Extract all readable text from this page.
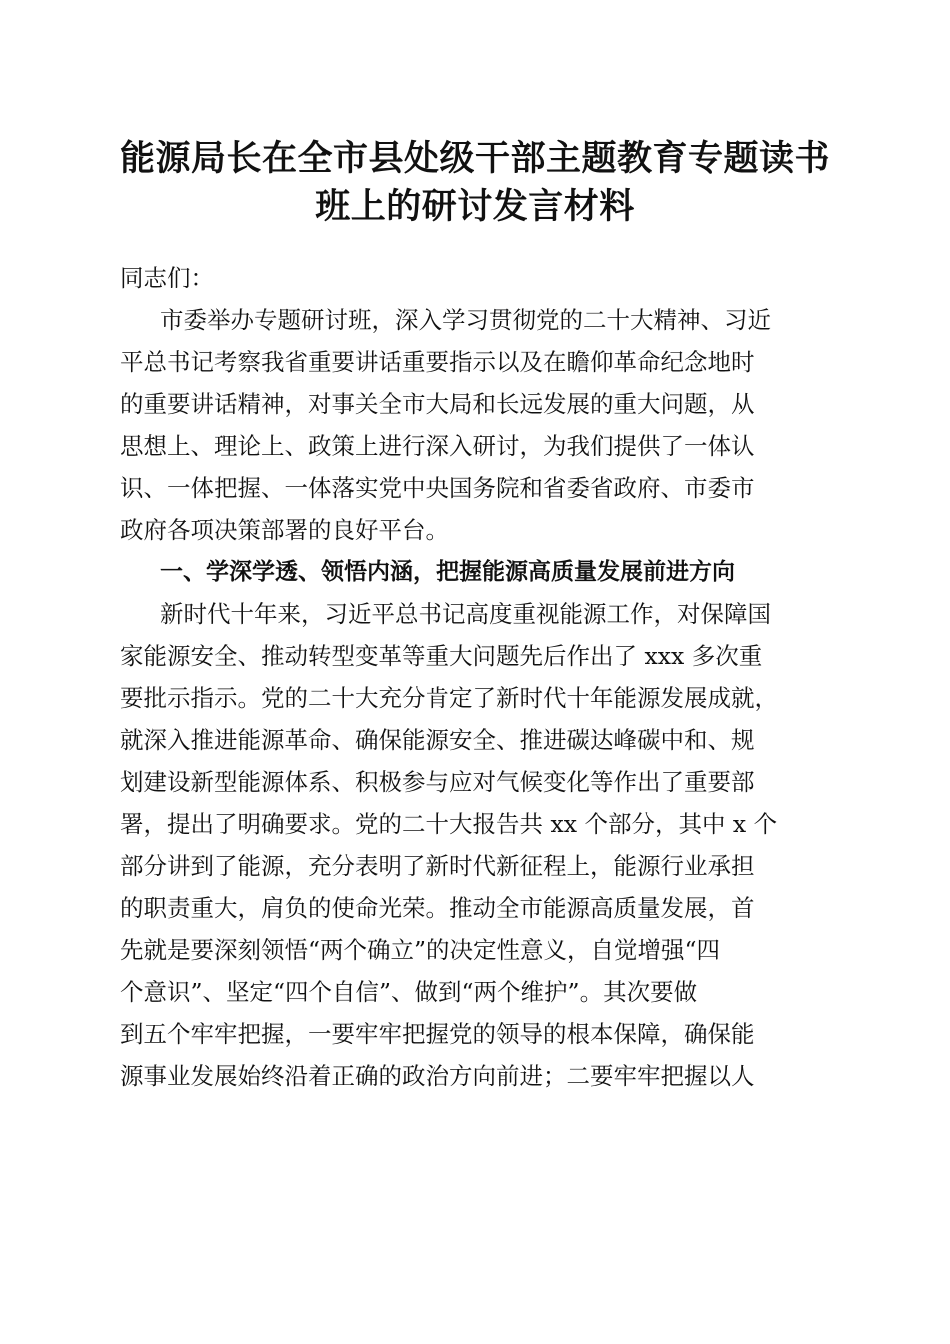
能源局长在全市县处级干部主题教育专题读书
班上的研讨发言材料
同志们：
市委举办专题研讨班，深入学习贯彻党的二十大精神、习近
平总书记考察我省重要讲话重要指示以及在瞻仰革命纪念地时
的重要讲话精神，对事关全市大局和长远发展的重大问题，从
思想上、理论上、政策上进行深入研讨，为我们提供了一体认
识、一体把握、一体落实党中央国务院和省委省政府、市委市
政府各项决策部署的良好平台。
一、学深学透、领悟内涵，把握能源高质量发展前进方向
新时代十年来，习近平总书记高度重视能源工作，对保障国
家能源安全、推动转型变革等重大问题先后作出了 xxx 多次重
要批示指示。党的二十大充分肯定了新时代十年能源发展成就，
就深入推进能源革命、确保能源安全、推进碳达峰碳中和、规
划建设新型能源体系、积极参与应对气候变化等作出了重要部
署，提出了明确要求。党的二十大报告共 xx 个部分，其中 x 个
部分讲到了能源，充分表明了新时代新征程上，能源行业承担
的职责重大，肩负的使命光荣。推动全市能源高质量发展，首
先就是要深刻领悟“两个确立”的决定性意义，自觉增强“四
个意识”、坚定“四个自信”、做到“两个维护”。其次要做
到五个牢牢把握，一要牢牢把握党的领导的根本保障，确保能
源事业发展始终沿着正确的政治方向前进；二要牢牢把握以人
